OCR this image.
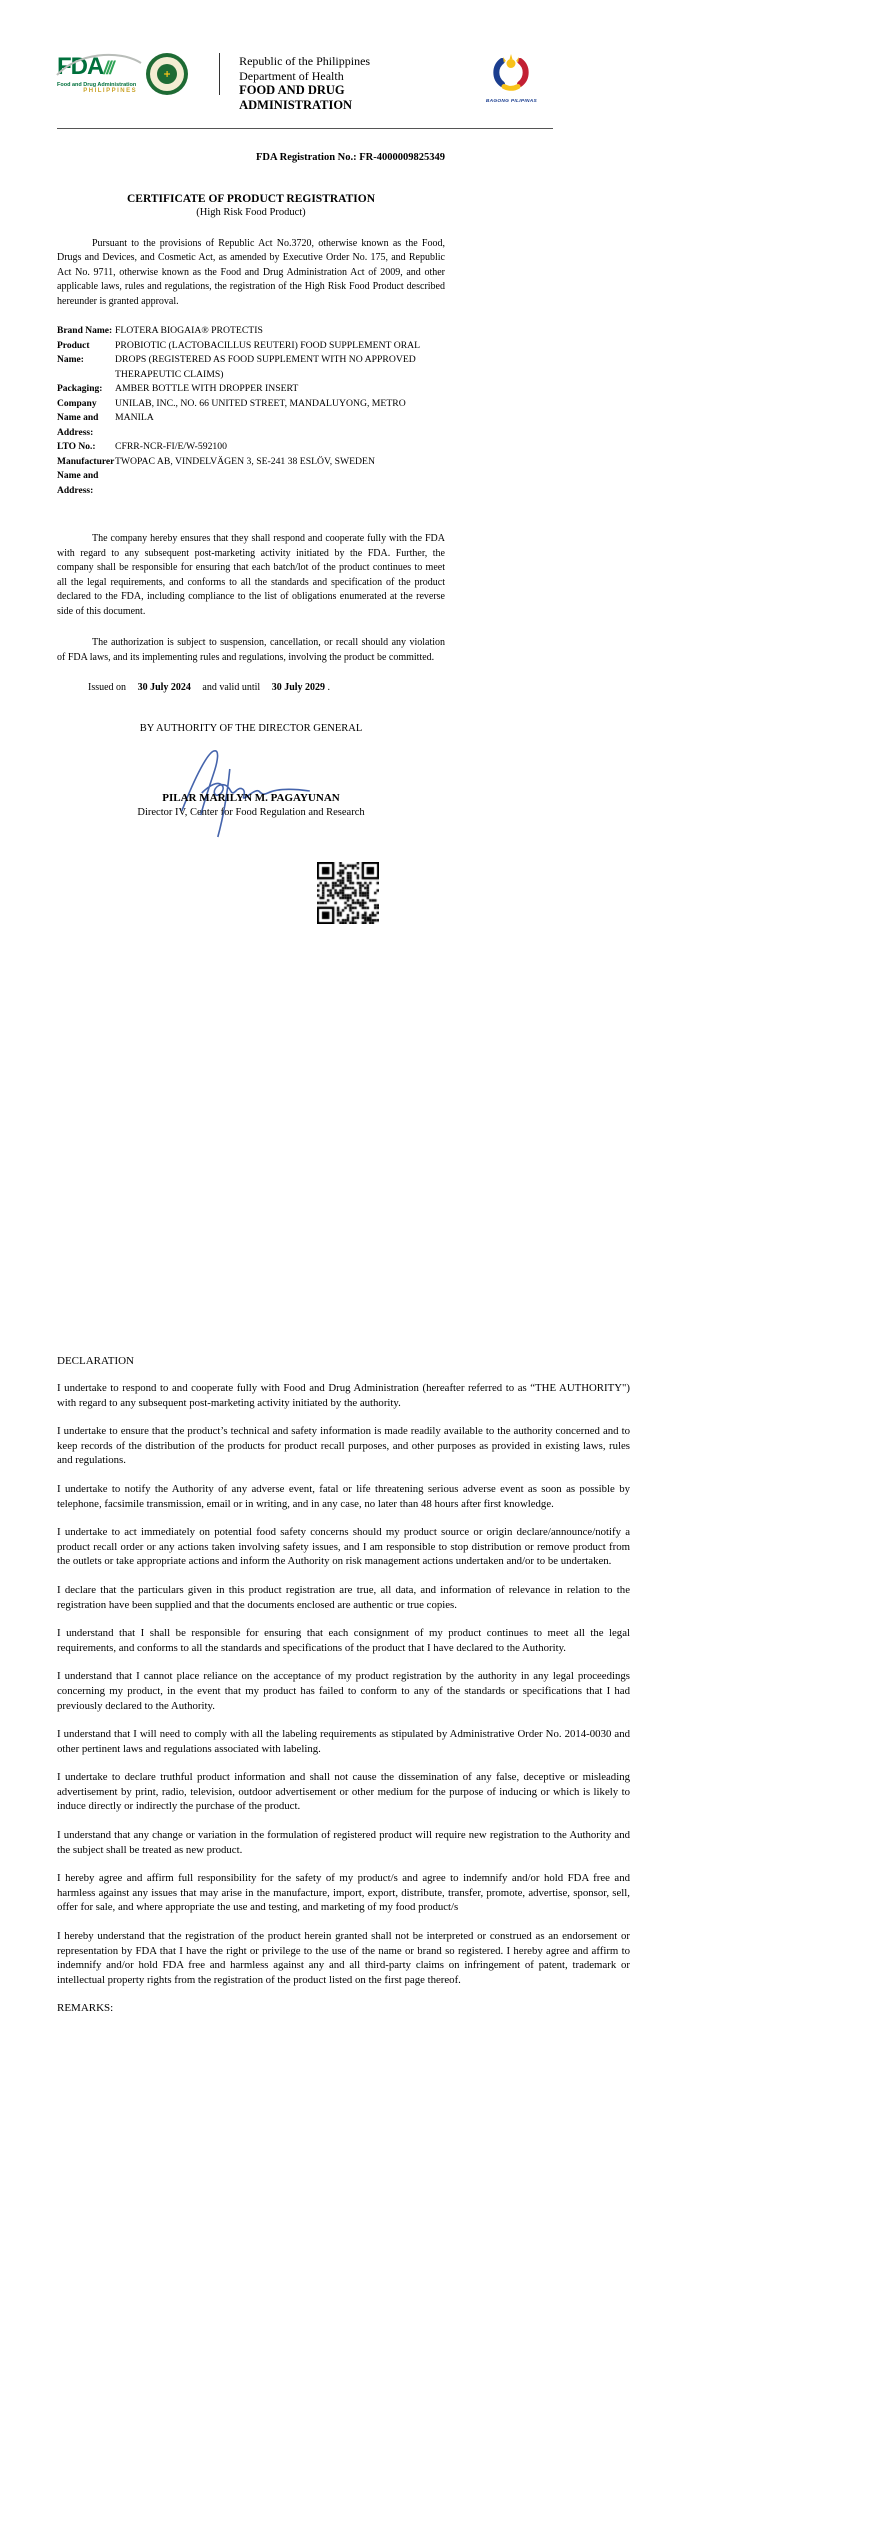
FDA///
Food and Drug Administration
PHILIPPINES
Republic of the Philippines
Department of Health
FOOD AND DRUG ADMINISTRATION	BAGONG PILIPINAS
FDA Registration No.: FR-4000009825349
CERTIFICATE OF PRODUCT REGISTRATION
(High Risk Food Product)

Pursuant to the provisions of Republic Act No.3720, otherwise known as the Food, Drugs and Devices, and Cosmetic Act, as amended by Executive Order No. 175, and Republic Act No. 9711, otherwise known as the Food and Drug Administration Act of 2009, and other applicable laws, rules and regulations, the registration of the High Risk Food Product described hereunder is granted approval.

Brand Name: FLOTERA BIOGAIA® PROTECTIS
Product Name:
PROBIOTIC (LACTOBACILLUS REUTERI) FOOD SUPPLEMENT ORAL DROPS (REGISTERED AS FOOD SUPPLEMENT WITH NO APPROVED THERAPEUTIC CLAIMS)
Packaging:	AMBER BOTTLE WITH DROPPER INSERT
Company Name and Address:
UNILAB, INC., NO. 66 UNITED STREET, MANDALUYONG, METRO MANILA
LTO No.:	CFRR-NCR-FI/E/W-592100
Manufacturer Name and Address:
TWOPAC AB, VINDELVÄGEN 3, SE-241 38 ESLÖV, SWEDEN

The company hereby ensures that they shall respond and cooperate fully with the FDA with regard to any subsequent post-marketing activity initiated by the FDA. Further, the company shall be responsible for ensuring that each batch/lot of the product continues to meet all the legal requirements, and conforms to all the standards and specification of the product declared to the FDA, including compliance to the list of obligations enumerated at the reverse side of this document.

The authorization is subject to suspension, cancellation, or recall should any violation of FDA laws, and its implementing rules and regulations, involving the product be committed.

Issued on 30 July 2024 and valid until 30 July 2029 .
BY AUTHORITY OF THE DIRECTOR GENERAL
PILAR MARILYN M. PAGAYUNAN
Director IV, Center for Food Regulation and Research
DECLARATION

I undertake to respond to and cooperate fully with Food and Drug Administration (hereafter referred to as “THE AUTHORITY") with regard to any subsequent post-marketing activity initiated by the authority.

I undertake to ensure that the product’s technical and safety information is made readily available to the authority concerned and to keep records of the distribution of the products for product recall purposes, and other purposes as provided in existing laws, rules and regulations.

I undertake to notify the Authority of any adverse event, fatal or life threatening serious adverse event as soon as possible by telephone, facsimile transmission, email or in writing, and in any case, no later than 48 hours after first knowledge.

I undertake to act immediately on potential food safety concerns should my product source or origin declare/announce/notify a product recall order or any actions taken involving safety issues, and I am responsible to stop distribution or remove product from the outlets or take appropriate actions and inform the Authority on risk management actions undertaken and/or to be undertaken.

I declare that the particulars given in this product registration are true, all data, and information of relevance in relation to the registration have been supplied and that the documents enclosed are authentic or true copies.

I understand that I shall be responsible for ensuring that each consignment of my product continues to meet all the legal requirements, and conforms to all the standards and specifications of the product that I have declared to the Authority.

I understand that I cannot place reliance on the acceptance of my product registration by the authority in any legal proceedings concerning my product, in the event that my product has failed to conform to any of the standards or specifications that I had previously declared to the Authority.

I understand that I will need to comply with all the labeling requirements as stipulated by Administrative Order No. 2014-0030 and other pertinent laws and regulations associated with labeling.

I undertake to declare truthful product information and shall not cause the dissemination of any false, deceptive or misleading advertisement by print, radio, television, outdoor advertisement or other medium for the purpose of inducing or which is likely to induce directly or indirectly the purchase of the product.

I understand that any change or variation in the formulation of registered product will require new registration to the Authority and the subject shall be treated as new product.

I hereby agree and affirm full responsibility for the safety of my product/s and agree to indemnify and/or hold FDA free and harmless against any issues that may arise in the manufacture, import, export, distribute, transfer, promote, advertise, sponsor, sell, offer for sale, and where appropriate the use and testing, and marketing of my food product/s

I hereby understand that the registration of the product herein granted shall not be interpreted or construed as an endorsement or representation by FDA that I have the right or privilege to the use of the name or brand so registered. I hereby agree and affirm to indemnify and/or hold FDA free and harmless against any and all third-party claims on infringement of patent, trademark or intellectual property rights from the registration of the product listed on the first page thereof.

REMARKS:
